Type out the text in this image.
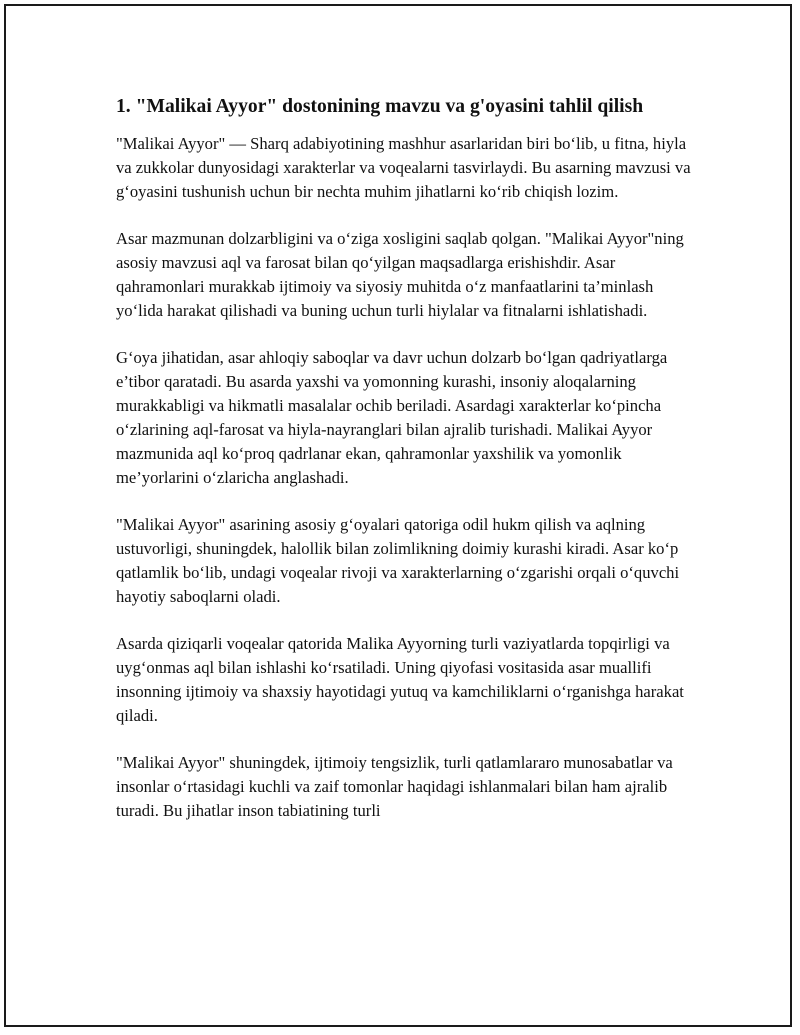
1. "Malikai Ayyor" dostonining mavzu va g'oyasini tahlil qilish

"Malikai Ayyor" — Sharq adabiyotining mashhur asarlaridan biri bo‘lib, u fitna, hiyla va zukkolar dunyosidagi xarakterlar va voqealarni tasvirlaydi. Bu asarning mavzusi va g‘oyasini tushunish uchun bir nechta muhim jihatlarni ko‘rib chiqish lozim.

Asar mazmunan dolzarbligini va o‘ziga xosligini saqlab qolgan. "Malikai Ayyor"ning asosiy mavzusi aql va farosat bilan qo‘yilgan maqsadlarga erishishdir. Asar qahramonlari murakkab ijtimoiy va siyosiy muhitda o‘z manfaatlarini ta’minlash yo‘lida harakat qilishadi va buning uchun turli hiylalar va fitnalarni ishlatishadi.

G‘oya jihatidan, asar ahloqiy saboqlar va davr uchun dolzarb bo‘lgan qadriyatlarga e’tibor qaratadi. Bu asarda yaxshi va yomonning kurashi, insoniy aloqalarning murakkabligi va hikmatli masalalar ochib beriladi. Asardagi xarakterlar ko‘pincha o‘zlarining aql-farosat va hiyla-nayranglari bilan ajralib turishadi. Malikai Ayyor mazmunida aql ko‘proq qadrlanar ekan, qahramonlar yaxshilik va yomonlik me’yorlarini o‘zlaricha anglashadi.

"Malikai Ayyor" asarining asosiy g‘oyalari qatoriga odil hukm qilish va aqlning ustuvorligi, shuningdek, halollik bilan zolimlikning doimiy kurashi kiradi. Asar ko‘p qatlamlik bo‘lib, undagi voqealar rivoji va xarakterlarning o‘zgarishi orqali o‘quvchi hayotiy saboqlarni oladi.

Asarda qiziqarli voqealar qatorida Malika Ayyorning turli vaziyatlarda topqirligi va uyg‘onmas aql bilan ishlashi ko‘rsatiladi. Uning qiyofasi vositasida asar muallifi insonning ijtimoiy va shaxsiy hayotidagi yutuq va kamchiliklarni o‘rganishga harakat qiladi.

"Malikai Ayyor" shuningdek, ijtimoiy tengsizlik, turli qatlamlararo munosabatlar va insonlar o‘rtasidagi kuchli va zaif tomonlar haqidagi ishlanmalari bilan ham ajralib turadi. Bu jihatlar inson tabiatining turli
